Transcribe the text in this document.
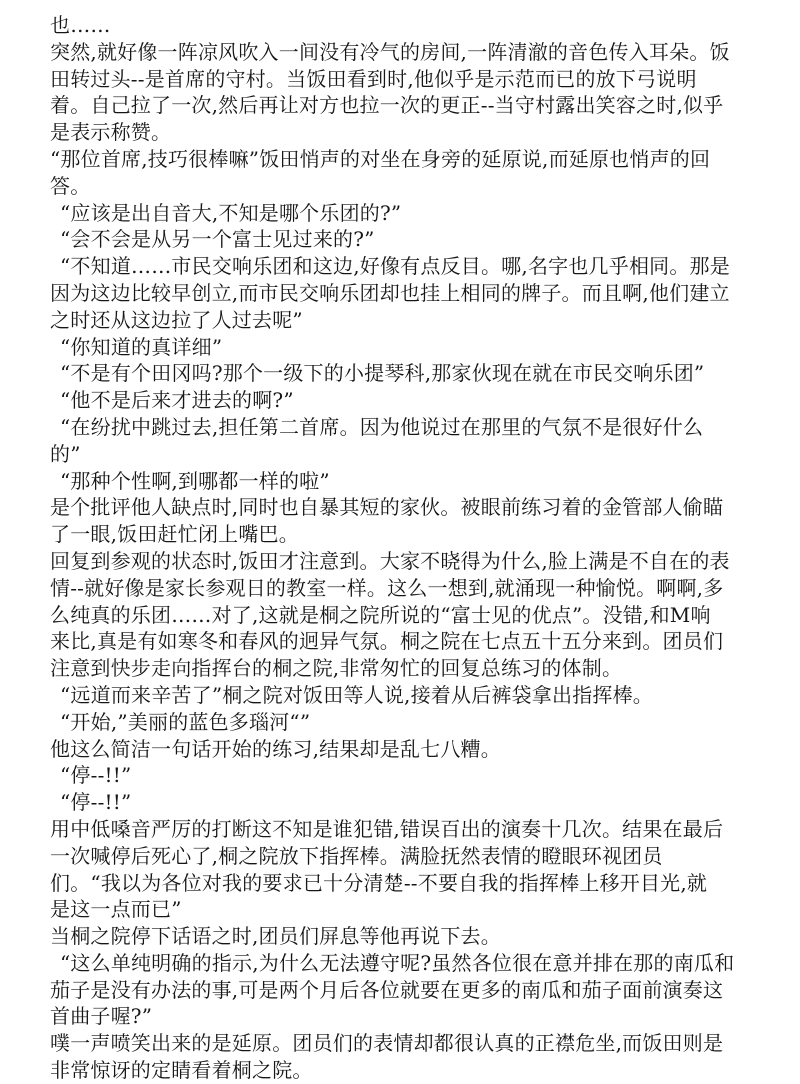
也……
突然,就好像一阵凉风吹入一间没有冷气的房间,一阵清澈的音色传入耳朵。饭
田转过头--是首席的守村。当饭田看到时,他似乎是示范而已的放下弓说明
着。自己拉了一次,然后再让对方也拉一次的更正--当守村露出笑容之时,似乎
是表示称赞。
“那位首席,技巧很棒嘛”饭田悄声的对坐在身旁的延原说,而延原也悄声的回
答。
“应该是出自音大,不知是哪个乐团的?”
“会不会是从另一个富士见过来的?”
“不知道……市民交响乐团和这边,好像有点反目。哪,名字也几乎相同。那是
因为这边比较早创立,而市民交响乐团却也挂上相同的牌子。而且啊,他们建立
之时还从这边拉了人过去呢”
“你知道的真详细”
“不是有个田冈吗?那个一级下的小提琴科,那家伙现在就在市民交响乐团”
“他不是后来才进去的啊?”
“在纷扰中跳过去,担任第二首席。因为他说过在那里的气氛不是很好什么
的”
“那种个性啊,到哪都一样的啦”
是个批评他人缺点时,同时也自暴其短的家伙。被眼前练习着的金管部人偷瞄
了一眼,饭田赶忙闭上嘴巴。
回复到参观的状态时,饭田才注意到。大家不晓得为什么,脸上满是不自在的表
情--就好像是家长参观日的教室一样。这么一想到,就涌现一种愉悦。啊啊,多
么纯真的乐团……对了,这就是桐之院所说的“富士见的优点”。没错,和M响
来比,真是有如寒冬和春风的迥异气氛。桐之院在七点五十五分来到。团员们
注意到快步走向指挥台的桐之院,非常匆忙的回复总练习的体制。
“远道而来辛苦了”桐之院对饭田等人说,接着从后裤袋拿出指挥棒。
“开始,”美丽的蓝色多瑙河“”
他这么简洁一句话开始的练习,结果却是乱七八糟。
“停--!!”
“停--!!”
用中低嗓音严厉的打断这不知是谁犯错,错误百出的演奏十几次。结果在最后
一次喊停后死心了,桐之院放下指挥棒。满脸抚然表情的瞪眼环视团员
们。“我以为各位对我的要求已十分清楚--不要自我的指挥棒上移开目光,就
是这一点而已”
当桐之院停下话语之时,团员们屏息等他再说下去。
“这么单纯明确的指示,为什么无法遵守呢?虽然各位很在意并排在那的南瓜和
茄子是没有办法的事,可是两个月后各位就要在更多的南瓜和茄子面前演奏这
首曲子喔?”
噗一声喷笑出来的是延原。团员们的表情却都很认真的正襟危坐,而饭田则是
非常惊讶的定睛看着桐之院。
